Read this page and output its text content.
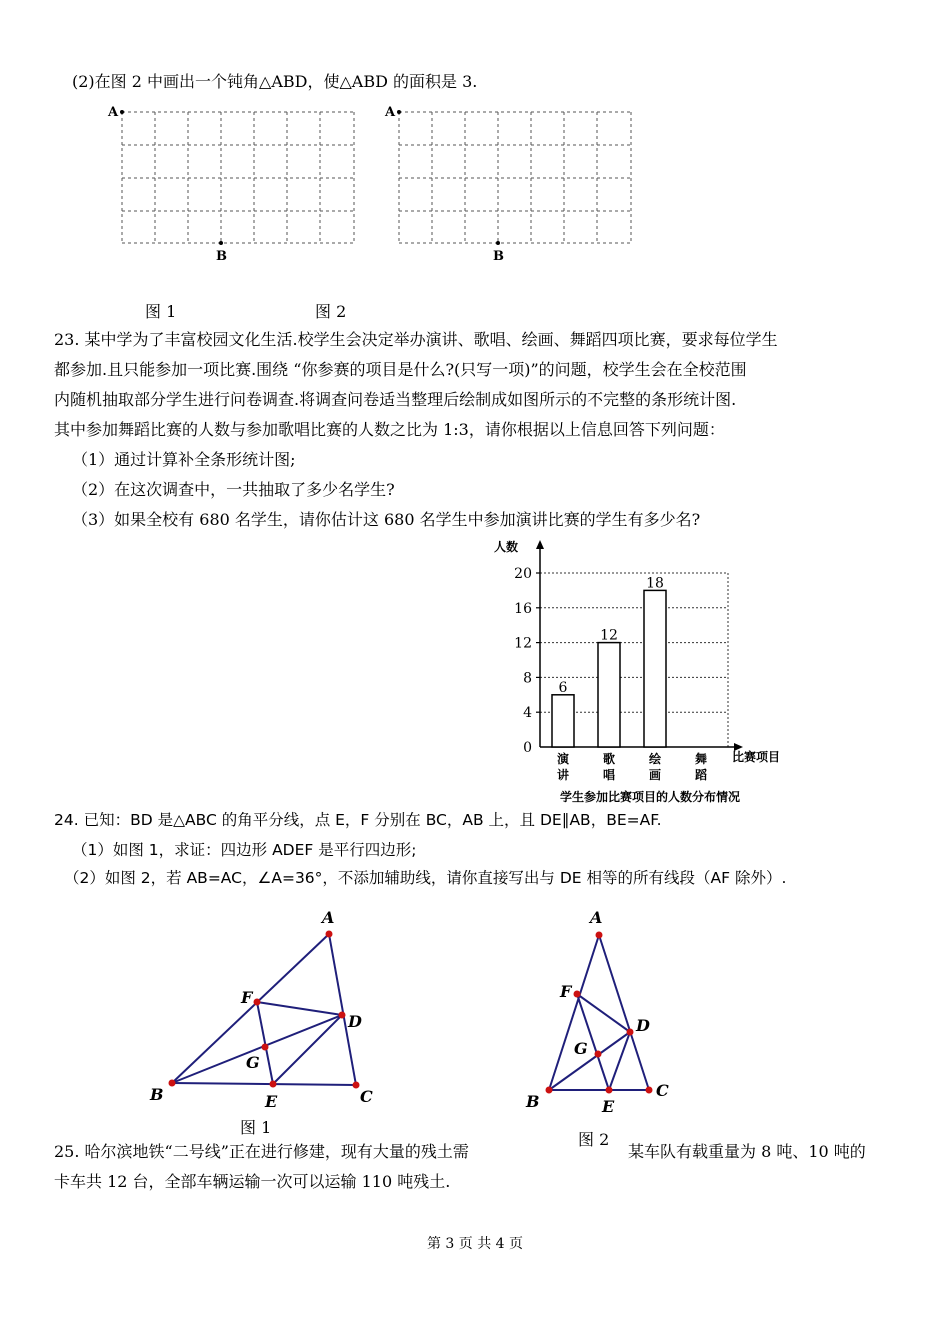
(2)在图 2 中画出一个钝角△ABD，使△ABD 的面积是 3.
A
B
A
B
图 1	图 2
23. 某中学为了丰富校园文化生活.校学生会决定举办演讲、歌唱、绘画、舞蹈四项比赛，要求每位学生
都参加.且只能参加一项比赛.围绕 “你参赛的项目是什么?(只写一项)”的问题，校学生会在全校范围
内随机抽取部分学生进行问卷调查.将调查问卷适当整理后绘制成如图所示的不完整的条形统计图.
其中参加舞蹈比赛的人数与参加歌唱比赛的人数之比为 1:3，请你根据以上信息回答下列问题：
（1）通过计算补全条形统计图;
（2）在这次调查中，一共抽取了多少名学生?
（3）如果全校有 680 名学生，请你估计这 680 名学生中参加演讲比赛的学生有多少名?
人数
比赛项目
0
4
8
12
16
20
6
12
18
演
讲
歌
唱
绘
画
舞
蹈
学生参加比赛项目的人数分布情况
24. 已知：BD 是△ABC 的角平分线，点 E，F 分别在 BC，AB 上，且 DE∥AB，BE=AF.
（1）如图 1，求证：四边形 ADEF 是平行四边形;
（2）如图 2，若 AB=AC，∠A=36°，不添加辅助线，请你直接写出与 DE 相等的所有线段（AF 除外）.
A
B	C
D
E
F
G
图 1
A
B
C
D
E
F
G
图 2
25. 哈尔滨地铁“二号线”正在进行修建，现有大量的残土需	某车队有载重量为 8 吨、10 吨的
卡车共 12 台，全部车辆运输一次可以运输 110 吨残土.
第 3 页 共 4 页
